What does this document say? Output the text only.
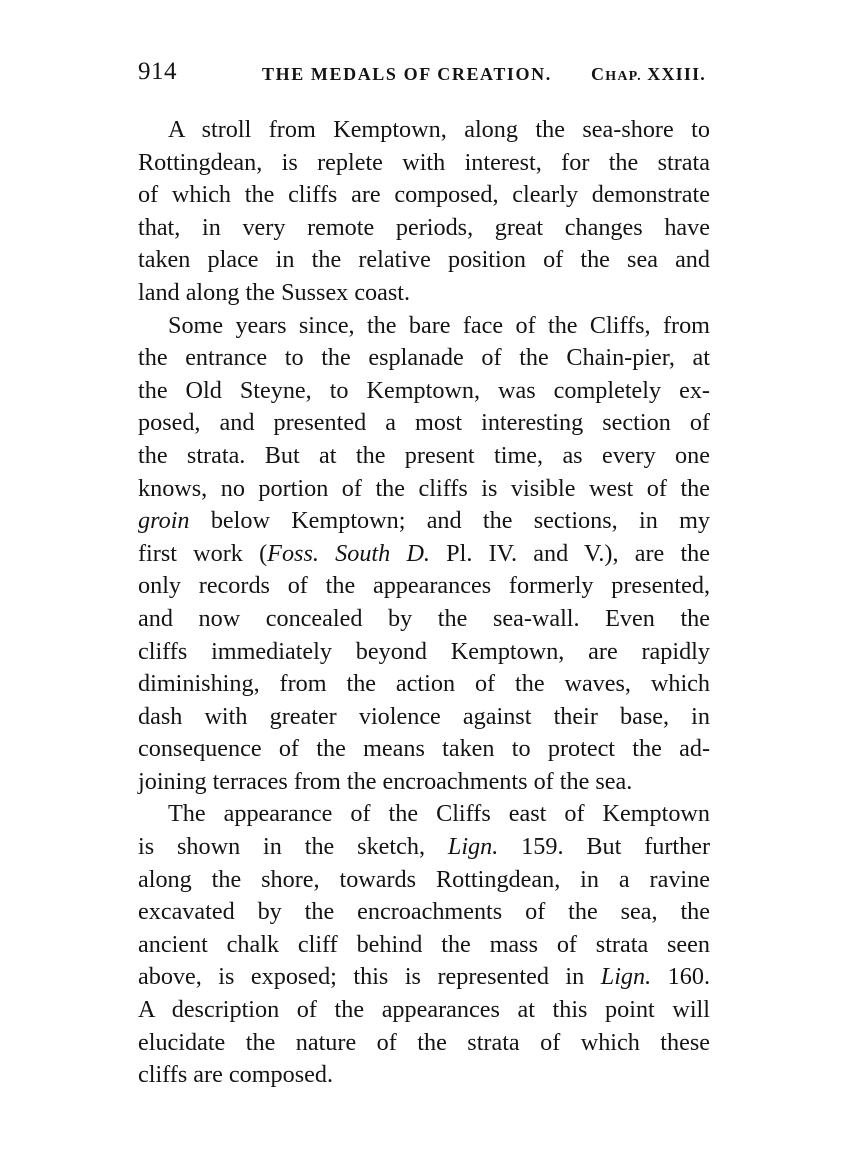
914	THE MEDALS OF CREATION. CHAP. XXIII.

A stroll from Kemptown, along the sea-shore to
Rottingdean, is replete with interest, for the strata
of which the cliffs are composed, clearly demonstrate
that, in very remote periods, great changes have
taken place in the relative position of the sea and
land along the Sussex coast.

Some years since, the bare face of the Cliffs, from
the entrance to the esplanade of the Chain-pier, at
the Old Steyne, to Kemptown, was completely ex-
posed, and presented a most interesting section of
the strata. But at the present time, as every one
knows, no portion of the cliffs is visible west of the
groin below Kemptown; and the sections, in my
first work (Foss. South D. Pl. IV. and V.), are the
only records of the appearances formerly presented,
and now concealed by the sea-wall. Even the
cliffs immediately beyond Kemptown, are rapidly
diminishing, from the action of the waves, which
dash with greater violence against their base, in
consequence of the means taken to protect the ad-
joining terraces from the encroachments of the sea.

The appearance of the Cliffs east of Kemptown
is shown in the sketch, Lign. 159. But further
along the shore, towards Rottingdean, in a ravine
excavated by the encroachments of the sea, the
ancient chalk cliff behind the mass of strata seen
above, is exposed; this is represented in Lign. 160.
A description of the appearances at this point will
elucidate the nature of the strata of which these
cliffs are composed.
